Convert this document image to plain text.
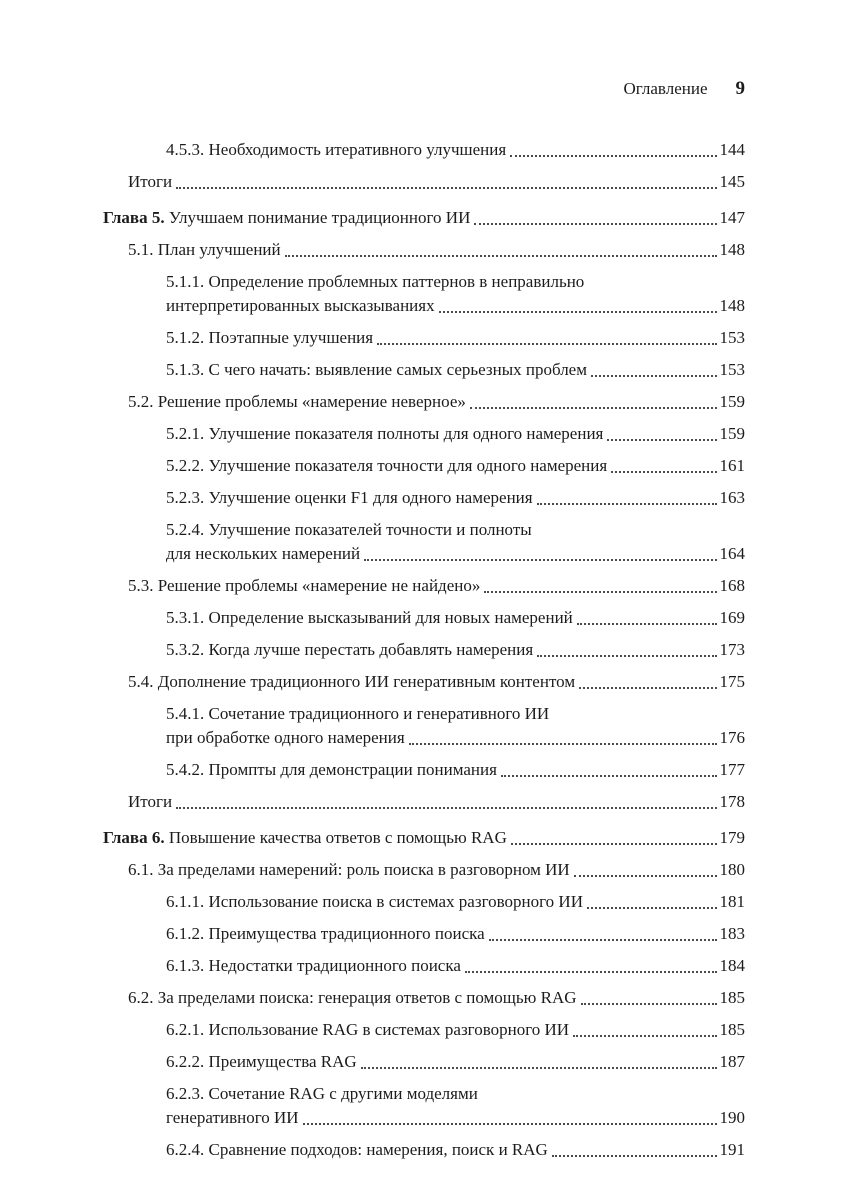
Оглавление 9
4.5.3. Необходимость итеративного улучшения	144
Итоги	145
Глава 5. Улучшаем понимание традиционного ИИ	147
5.1. План улучшений	148
5.1.1. Определение проблемных паттернов в неправильно
интерпретированных высказываниях	148
5.1.2. Поэтапные улучшения	153
5.1.3. С чего начать: выявление самых серьезных проблем	153
5.2. Решение проблемы «намерение неверное»	159
5.2.1. Улучшение показателя полноты для одного намерения	159
5.2.2. Улучшение показателя точности для одного намерения	161
5.2.3. Улучшение оценки F1 для одного намерения	163
5.2.4. Улучшение показателей точности и полноты
для нескольких намерений	164
5.3. Решение проблемы «намерение не найдено»	168
5.3.1. Определение высказываний для новых намерений	169
5.3.2. Когда лучше перестать добавлять намерения	173
5.4. Дополнение традиционного ИИ генеративным контентом	175
5.4.1. Сочетание традиционного и генеративного ИИ
при обработке одного намерения	176
5.4.2. Промпты для демонстрации понимания	177
Итоги	178
Глава 6. Повышение качества ответов с помощью RAG	179
6.1. За пределами намерений: роль поиска в разговорном ИИ	180
6.1.1. Использование поиска в системах разговорного ИИ	181
6.1.2. Преимущества традиционного поиска	183
6.1.3. Недостатки традиционного поиска	184
6.2. За пределами поиска: генерация ответов с помощью RAG	185
6.2.1. Использование RAG в системах разговорного ИИ	185
6.2.2. Преимущества RAG	187
6.2.3. Сочетание RAG с другими моделями
генеративного ИИ	190
6.2.4. Сравнение подходов: намерения, поиск и RAG	191
